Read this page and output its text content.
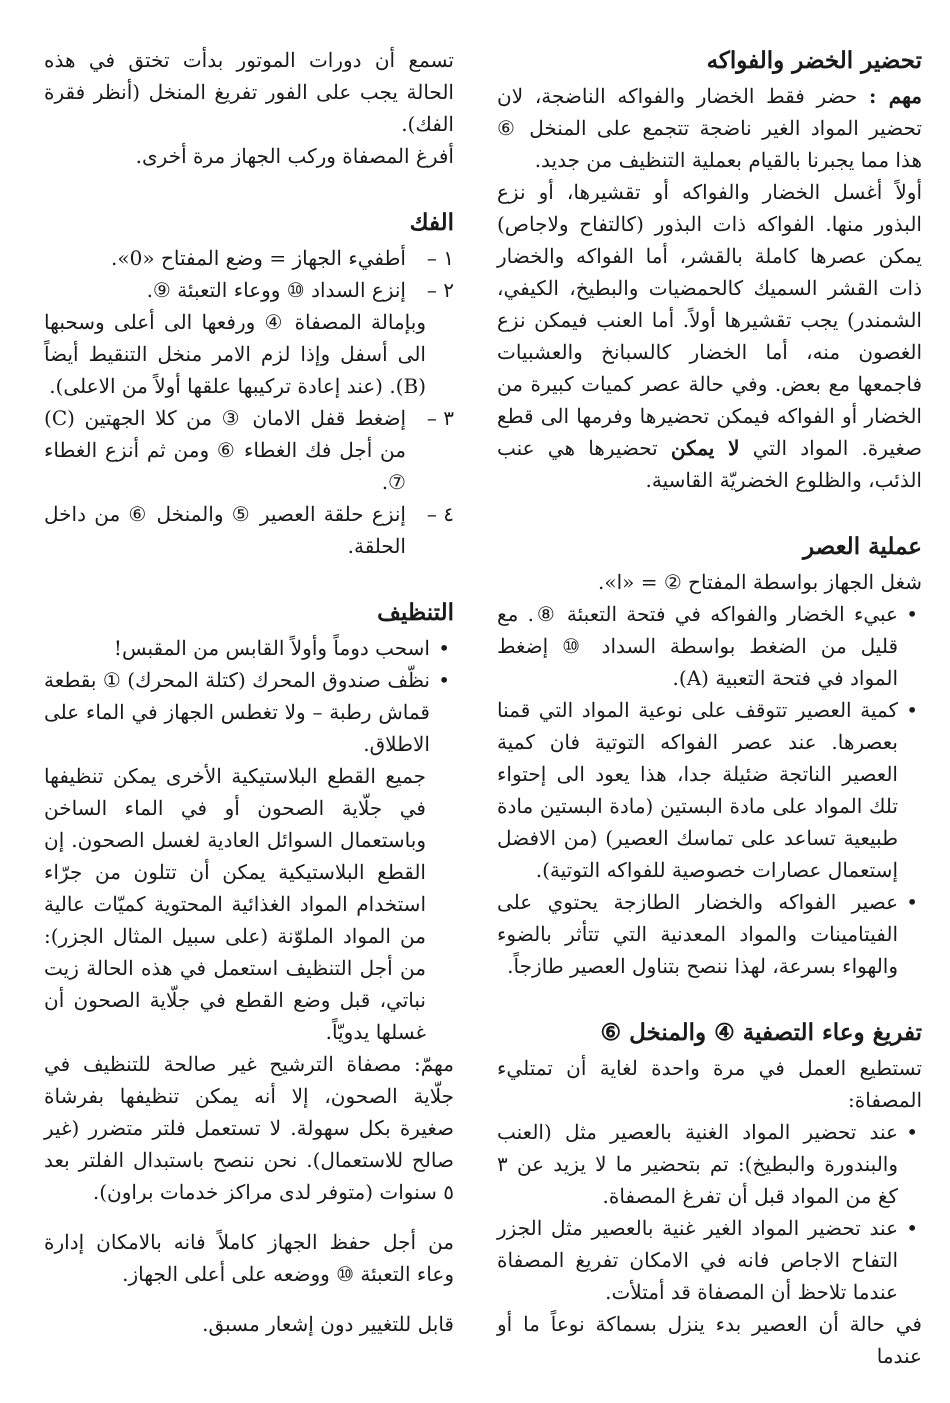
تحضير الخضر والفواكه

مهم : حضر فقط الخضار والفواكه الناضجة، لان تحضير المواد الغير ناضجة تتجمع على المنخل ⑥ هذا مما يجبرنا بالقيام بعملية التنظيف من جديد.

أولاً أغسل الخضار والفواكه أو تقشيرها، أو نزع البذور منها. الفواكه ذات البذور (كالتفاح ولاجاص) يمكن عصرها كاملة بالقشر، أما الفواكه والخضار ذات القشر السميك كالحمضيات والبطيخ، الكيفي، الشمندر) يجب تقشيرها أولاً. أما العنب فيمكن نزع الغصون منه، أما الخضار كالسبانخ والعشبيات فاجمعها مع بعض. وفي حالة عصر كميات كبيرة من الخضار أو الفواكه فيمكن تحضيرها وفرمها الى قطع صغيرة. المواد التي لا يمكن تحضيرها هي عنب الذئب، والظلوع الخضريّة القاسية.

عملية العصر

شغل الجهاز بواسطة المفتاح ② = «ا».

• عبيء الخضار والفواكه في فتحة التعبئة ⑧. مع قليل من الضغط بواسطة السداد ⑩ إضغط المواد في فتحة التعبية (A).
• كمية العصير تتوقف على نوعية المواد التي قمنا بعصرها. عند عصر الفواكه التوتية فان كمية العصير الناتجة ضئيلة جدا، هذا يعود الى إحتواء تلك المواد على مادة البستين (مادة البستين مادة طبيعية تساعد على تماسك العصير) (من الافضل إستعمال عصارات خصوصية للفواكه التوتية).
• عصير الفواكه والخضار الطازجة يحتوي على الفيتامينات والمواد المعدنية التي تتأثر بالضوء والهواء بسرعة، لهذا ننصح بتناول العصير طازجاً.
تفريغ وعاء التصفية ④ والمنخل ⑥

تستطيع العمل في مرة واحدة لغاية أن تمتليء المصفاة:

• عند تحضير المواد الغنية بالعصير مثل (العنب والبندورة والبطيخ): تم بتحضير ما لا يزيد عن ٣ كغ من المواد قبل أن تفرغ المصفاة.
• عند تحضير المواد الغير غنية بالعصير مثل الجزر التفاح الاجاص فانه في الامكان تفريغ المصفاة عندما تلاحظ أن المصفاة قد أمتلأت.

في حالة أن العصير بدء ينزل بسماكة نوعاً ما أو عندما

تسمع أن دورات الموتور بدأت تختق في هذه الحالة يجب على الفور تفريغ المنخل (أنظر فقرة الفك).

أفرغ المصفاة وركب الجهاز مرة أخرى.

الفك
١ –
أطفيء الجهاز = وضع المفتاح «0».
٢ –
إنزع السداد ⑩ ووعاء التعبئة ⑨.

وبإمالة المصفاة ④ ورفعها الى أعلى وسحبها الى أسفل وإذا لزم الامر منخل التنقيط أيضاً (B). (عند إعادة تركيبها علقها أولاً من الاعلى).

٣ –
إضغط قفل الامان ③ من كلا الجهتين (C) من أجل فك الغطاء ⑥ ومن ثم أنزع الغطاء ⑦.
٤ –
إنزع حلقة العصير ⑤ والمنخل ⑥ من داخل الحلقة.
التنظيف
• اسحب دوماً وأولاً القابس من المقبس!
• نظّف صندوق المحرك (كتلة المحرك) ① بقطعة قماش رطبة – ولا تغطس الجهاز في الماء على الاطلاق.

جميع القطع البلاستيكية الأخرى يمكن تنظيفها في جلّاية الصحون أو في الماء الساخن وباستعمال السوائل العادية لغسل الصحون. إن القطع البلاستيكية يمكن أن تتلون من جرّاء استخدام المواد الغذائية المحتوية كميّات عالية من المواد الملوّنة (على سبيل المثال الجزر): من أجل التنظيف استعمل في هذه الحالة زيت نباتي، قبل وضع القطع في جلّاية الصحون أن غسلها يدويّاً.

مهمّ: مصفاة الترشيح غير صالحة للتنظيف في جلّاية الصحون، إلا أنه يمكن تنظيفها بفرشاة صغيرة بكل سهولة. لا تستعمل فلتر متضرر (غير صالح للاستعمال). نحن ننصح باستبدال الفلتر بعد ٥ سنوات (متوفر لدى مراكز خدمات براون).

من أجل حفظ الجهاز كاملاً فانه بالامكان إدارة وعاء التعبئة ⑩ ووضعه على أعلى الجهاز.

قابل للتغيير دون إشعار مسبق.
